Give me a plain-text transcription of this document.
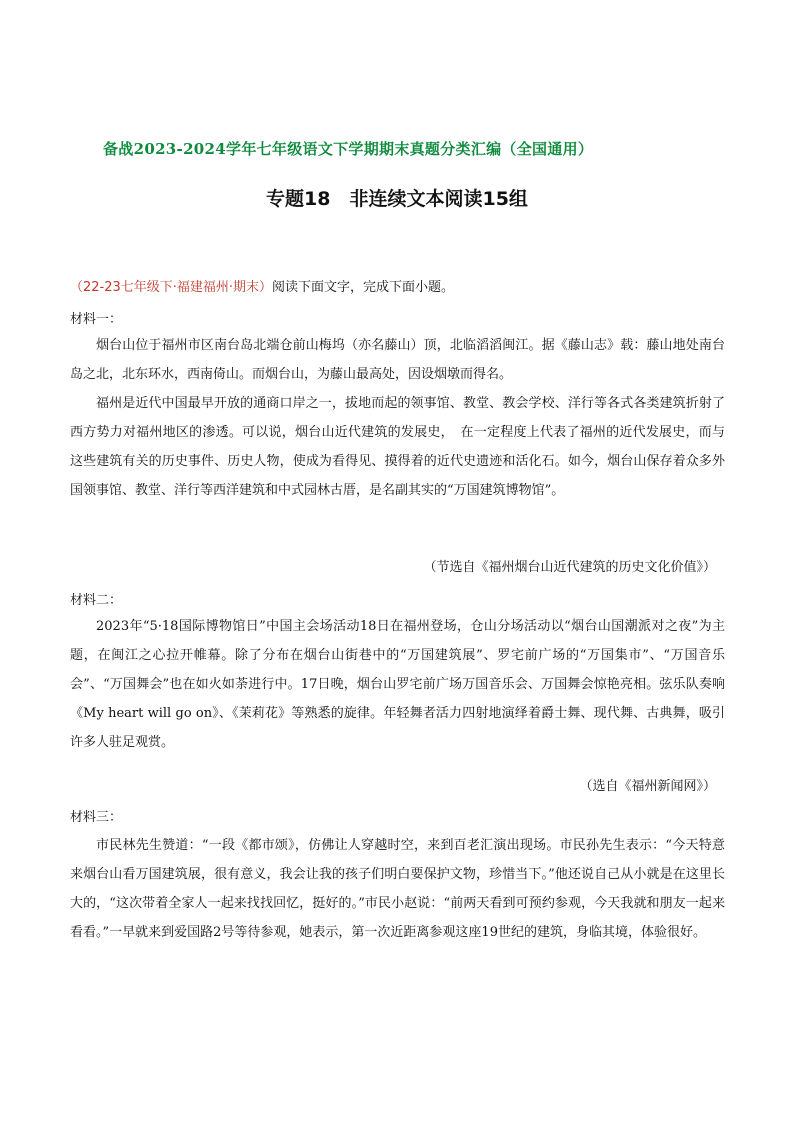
备战2023-2024学年七年级语文下学期期末真题分类汇编（全国通用）
专题18　非连续文本阅读15组
（22-23七年级下·福建福州·期末）阅读下面文字，完成下面小题。
材料一：

烟台山位于福州市区南台岛北端仓前山梅坞（亦名藤山）顶，北临滔滔闽江。据《藤山志》载：藤山地处南台岛之北，北东环水，西南倚山。而烟台山，为藤山最高处，因设烟墩而得名。

福州是近代中国最早开放的通商口岸之一，拔地而起的领事馆、教堂、教会学校、洋行等各式各类建筑折射了西方势力对福州地区的渗透。可以说，烟台山近代建筑的发展史，　在一定程度上代表了福州的近代发展史，而与这些建筑有关的历史事件、历史人物，使成为看得见、摸得着的近代史遗迹和活化石。如今，烟台山保存着众多外国领事馆、教堂、洋行等西洋建筑和中式园林古厝，是名副其实的“万国建筑博物馆”。

（节选自《福州烟台山近代建筑的历史文化价值》）
材料二：

2023年“5·18国际博物馆日”中国主会场活动18日在福州登场，仓山分场活动以“烟台山国潮派对之夜”为主题，在闽江之心拉开帷幕。除了分布在烟台山街巷中的“万国建筑展”、罗宅前广场的“万国集市”、“万国音乐会”、“万国舞会”也在如火如荼进行中。17日晚，烟台山罗宅前广场万国音乐会、万国舞会惊艳亮相。弦乐队奏响《My heart will go on》、《茉莉花》等熟悉的旋律。年轻舞者活力四射地演绎着爵士舞、现代舞、古典舞，吸引许多人驻足观赏。

（选自《福州新闻网》）
材料三：

市民林先生赞道：“一段《都市颂》，仿佛让人穿越时空，来到百老汇演出现场。市民孙先生表示：“今天特意来烟台山看万国建筑展，很有意义，我会让我的孩子们明白要保护文物，珍惜当下。”他还说自己从小就是在这里长大的，“这次带着全家人一起来找找回忆，挺好的。”市民小赵说：“前两天看到可预约参观，今天我就和朋友一起来看看。”一早就来到爱国路2号等待参观，她表示，第一次近距离参观这座19世纪的建筑，身临其境，体验很好。
